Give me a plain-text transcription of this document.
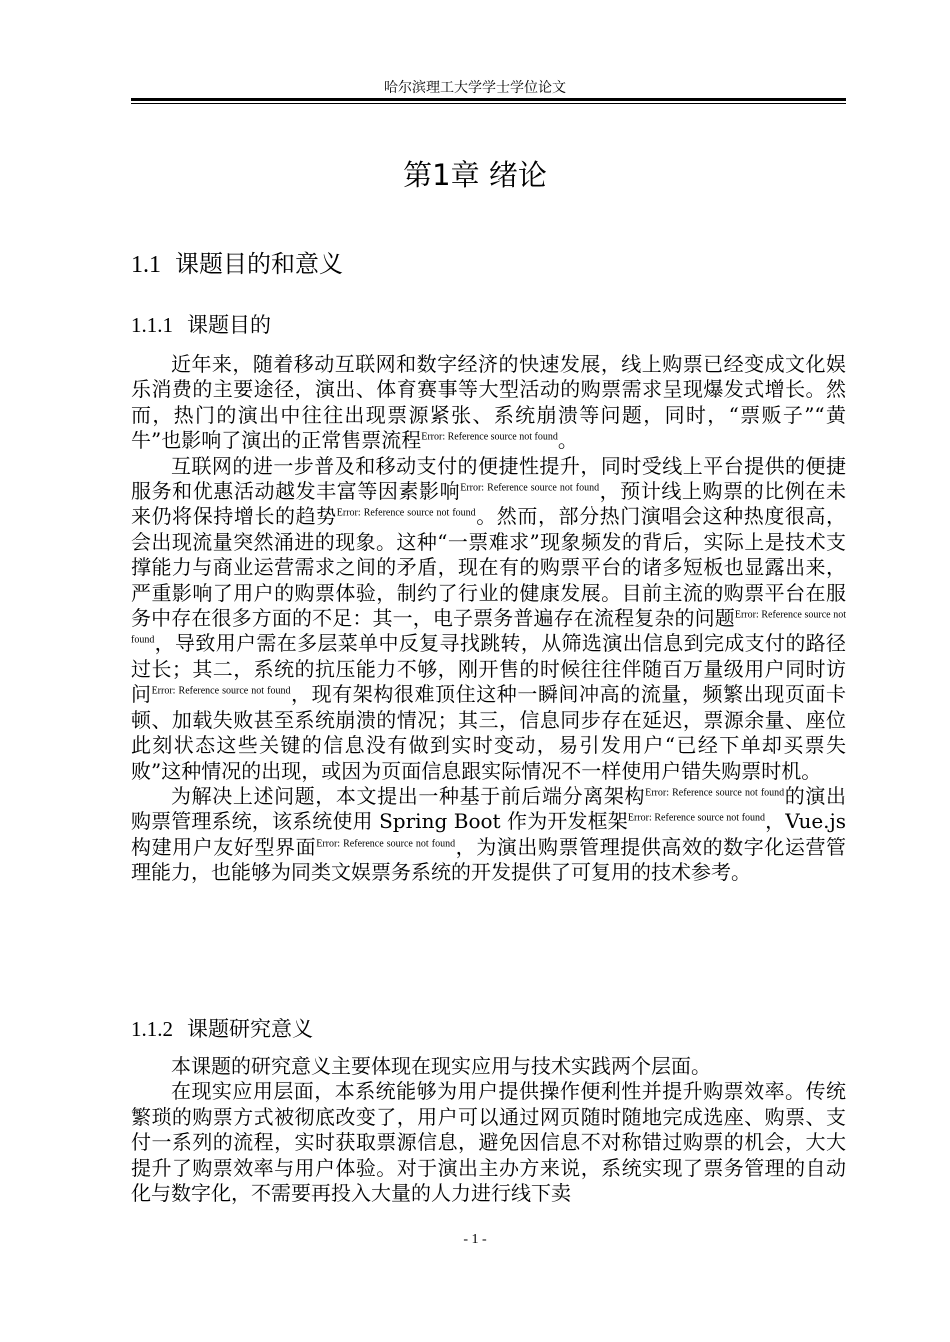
哈尔滨理工大学学士学位论文
第1章 绪论
1.1 课题目的和意义
1.1.1 课题目的

近年来，随着移动互联网和数字经济的快速发展，线上购票已经变成文化娱乐消费的主要途径，演出、体育赛事等大型活动的购票需求呈现爆发式增长。然而，热门的演出中往往出现票源紧张、系统崩溃等问题，同时，“票贩子”“黄牛”也影响了演出的正常售票流程$^{Error: Reference source not found}$。

互联网的进一步普及和移动支付的便捷性提升，同时受线上平台提供的便捷服务和优惠活动越发丰富等因素影响$^{Error: Reference source not found}$，预计线上购票的比例在未来仍将保持增长的趋势$^{Error: Reference source not found}$。然而，部分热门演唱会这种热度很高，会出现流量突然涌进的现象。这种“一票难求”现象频发的背后，实际上是技术支撑能力与商业运营需求之间的矛盾，现在有的购票平台的诸多短板也显露出来，严重影响了用户的购票体验，制约了行业的健康发展。目前主流的购票平台在服务中存在很多方面的不足：其一，电子票务普遍存在流程复杂的问题$^{Error: Reference source not found}$，导致用户需在多层菜单中反复寻找跳转，从筛选演出信息到完成支付的路径过长；其二，系统的抗压能力不够，刚开售的时候往往伴随百万量级用户同时访问$^{Error: Reference source not found}$，现有架构很难顶住这种一瞬间冲高的流量，频繁出现页面卡顿、加载失败甚至系统崩溃的情况；其三，信息同步存在延迟，票源余量、座位此刻状态这些关键的信息没有做到实时变动，易引发用户“已经下单却买票失败”这种情况的出现，或因为页面信息跟实际情况不一样使用户错失购票时机。

为解决上述问题，本文提出一种基于前后端分离架构$^{Error: Reference source not found}$的演出购票管理系统，该系统使用 Spring Boot 作为开发框架$^{Error: Reference source not found}$，Vue.js 构建用户友好型界面$^{Error: Reference source not found}$，为演出购票管理提供高效的数字化运营管理能力，也能够为同类文娱票务系统的开发提供了可复用的技术参考。

1.1.2 课题研究意义

本课题的研究意义主要体现在现实应用与技术实践两个层面。

在现实应用层面，本系统能够为用户提供操作便利性并提升购票效率。传统繁琐的购票方式被彻底改变了，用户可以通过网页随时随地完成选座、购票、支付一系列的流程，实时获取票源信息，避免因信息不对称错过购票的机会，大大提升了购票效率与用户体验。对于演出主办方来说，系统实现了票务管理的自动化与数字化，不需要再投入大量的人力进行线下卖

- 1 -
